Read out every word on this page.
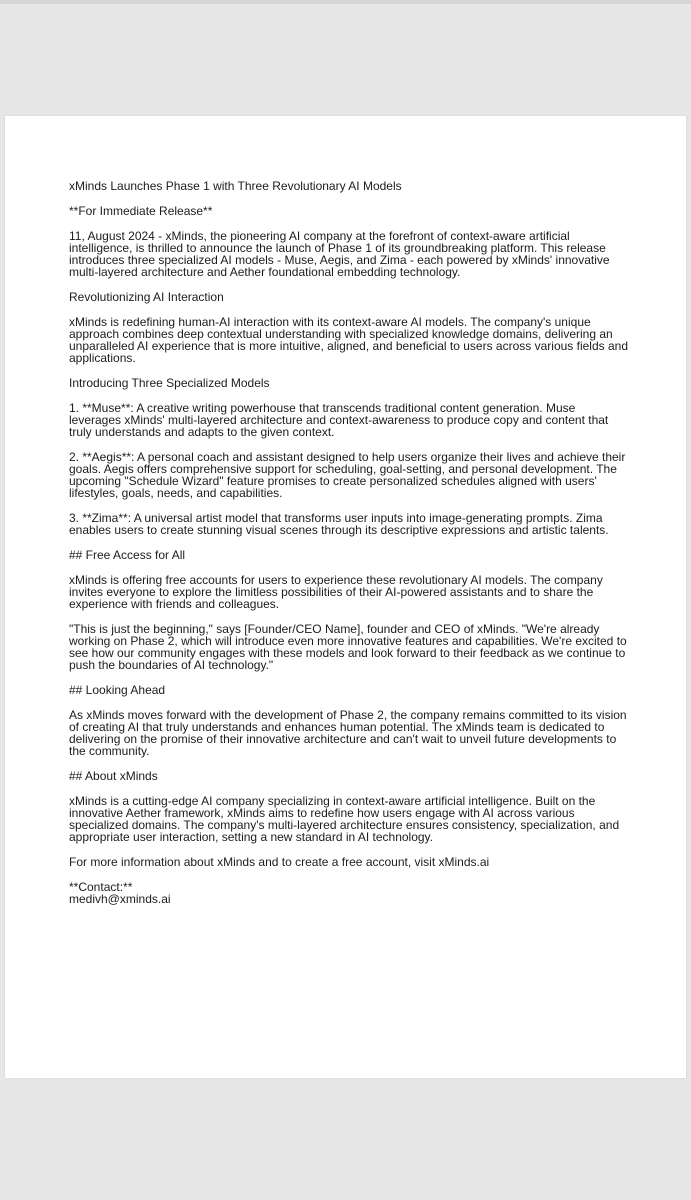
xMinds Launches Phase 1 with Three Revolutionary AI Models

**For Immediate Release**

11, August 2024 - xMinds, the pioneering AI company at the forefront of context-aware artificial intelligence, is thrilled to announce the launch of Phase 1 of its groundbreaking platform. This release introduces three specialized AI models - Muse, Aegis, and Zima - each powered by xMinds' innovative multi-layered architecture and Aether foundational embedding technology.

Revolutionizing AI Interaction

xMinds is redefining human-AI interaction with its context-aware AI models. The company's unique approach combines deep contextual understanding with specialized knowledge domains, delivering an unparalleled AI experience that is more intuitive, aligned, and beneficial to users across various fields and applications.

Introducing Three Specialized Models

1. **Muse**: A creative writing powerhouse that transcends traditional content generation. Muse leverages xMinds' multi-layered architecture and context-awareness to produce copy and content that truly understands and adapts to the given context.

2. **Aegis**: A personal coach and assistant designed to help users organize their lives and achieve their goals. Aegis offers comprehensive support for scheduling, goal-setting, and personal development. The upcoming "Schedule Wizard" feature promises to create personalized schedules aligned with users' lifestyles, goals, needs, and capabilities.

3. **Zima**: A universal artist model that transforms user inputs into image-generating prompts. Zima enables users to create stunning visual scenes through its descriptive expressions and artistic talents.

## Free Access for All

xMinds is offering free accounts for users to experience these revolutionary AI models. The company invites everyone to explore the limitless possibilities of their AI-powered assistants and to share the experience with friends and colleagues.

"This is just the beginning," says [Founder/CEO Name], founder and CEO of xMinds. "We're already working on Phase 2, which will introduce even more innovative features and capabilities. We're excited to see how our community engages with these models and look forward to their feedback as we continue to push the boundaries of AI technology."

## Looking Ahead

As xMinds moves forward with the development of Phase 2, the company remains committed to its vision of creating AI that truly understands and enhances human potential. The xMinds team is dedicated to delivering on the promise of their innovative architecture and can't wait to unveil future developments to the community.

## About xMinds

xMinds is a cutting-edge AI company specializing in context-aware artificial intelligence. Built on the innovative Aether framework, xMinds aims to redefine how users engage with AI across various specialized domains. The company's multi-layered architecture ensures consistency, specialization, and appropriate user interaction, setting a new standard in AI technology.

For more information about xMinds and to create a free account, visit xMinds.ai

**Contact:**

medivh@xminds.ai
